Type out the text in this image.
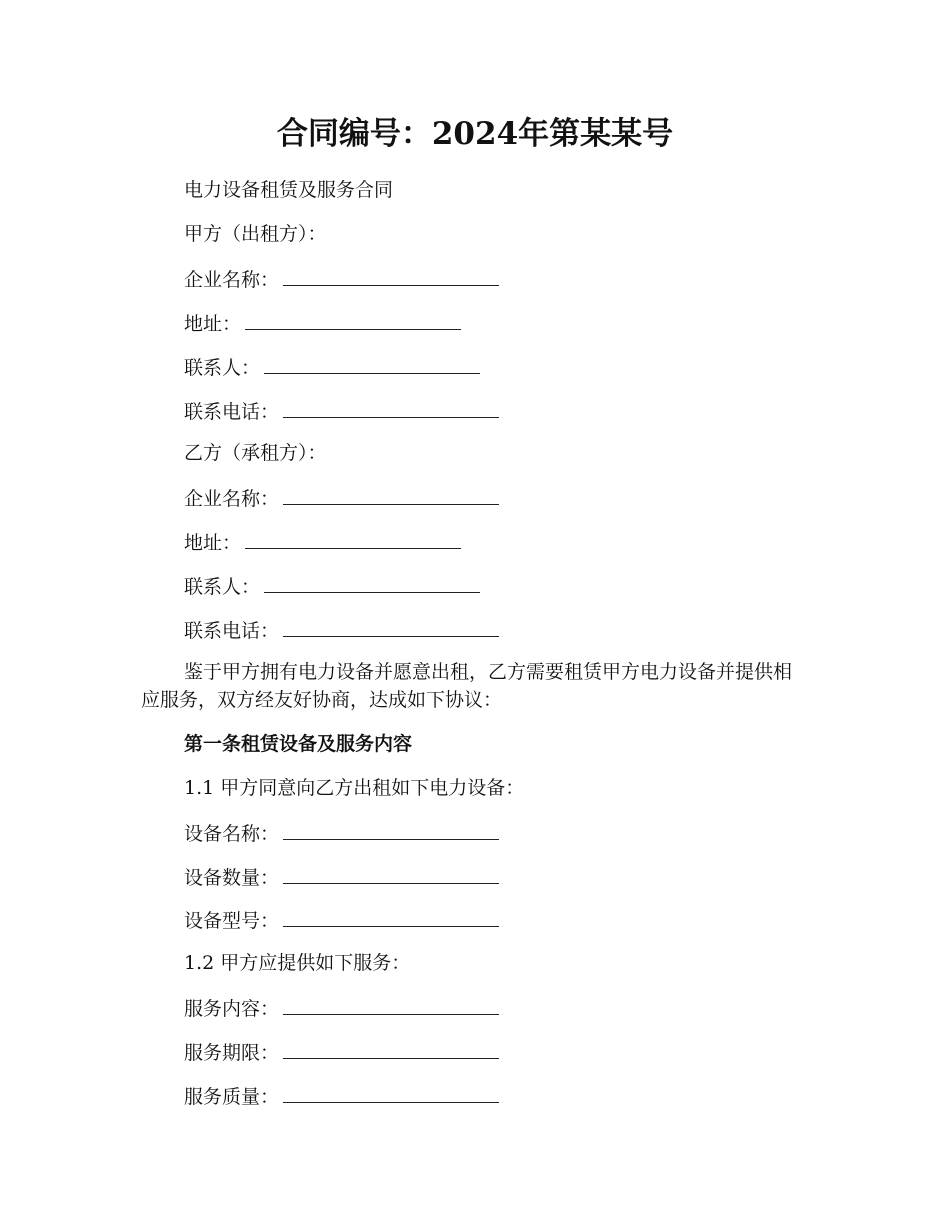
合同编号：2024年第某某号
电力设备租赁及服务合同
甲方（出租方）：
企业名称：
地址：
联系人：
联系电话：
乙方（承租方）：
企业名称：
地址：
联系人：
联系电话：
鉴于甲方拥有电力设备并愿意出租，乙方需要租赁甲方电力设备并提供相应服务，双方经友好协商，达成如下协议：
第一条租赁设备及服务内容
1.1 甲方同意向乙方出租如下电力设备：
设备名称：
设备数量：
设备型号：
1.2 甲方应提供如下服务：
服务内容：
服务期限：
服务质量：
